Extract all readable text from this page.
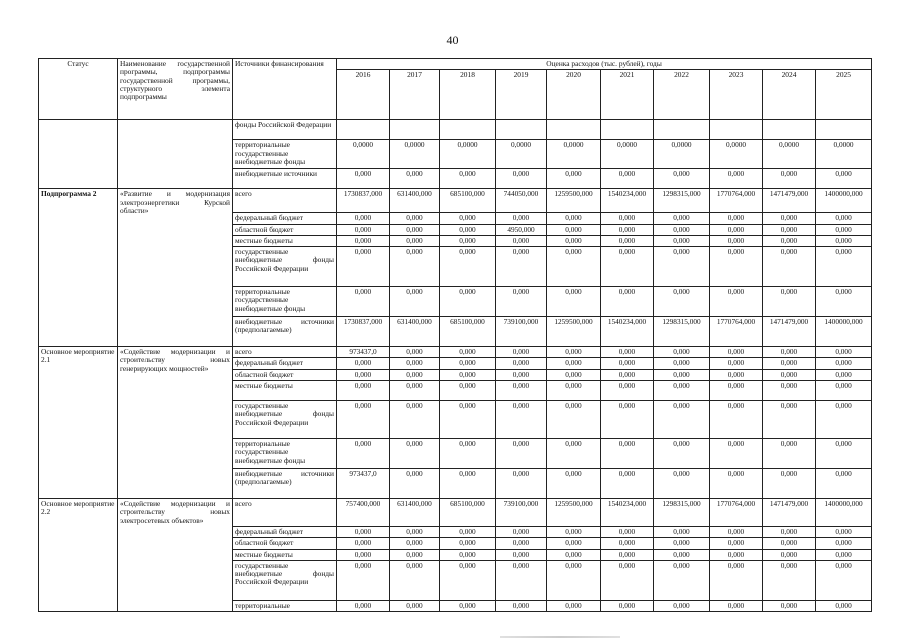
40
Статус	Наименование государственной программы, подпрограммы государственной программы, структурного элемента подпрограммы	Источники финансирования	Оценка расходов (тыс. рублей), годы									
			2016	2017	2018	2019	2020	2021	2022	2023	2024	2025
		фонды Российской Федерации										
		территориальные государственные внебюджетные фонды	0,0000	0,0000	0,0000	0,0000	0,0000	0,0000	0,0000	0,0000	0,0000	0,0000
		внебюджетные источники	0,000	0,000	0,000	0,000	0,000	0,000	0,000	0,000	0,000	0,000
Подпрограмма 2	«Развитие и модернизация электроэнергетики Курской области»	всего	1730837,000	631400,000	685100,000	744050,000	1259500,000	1540234,000	1298315,000	1770764,000	1471479,000	1400000,000
		федеральный бюджет	0,000	0,000	0,000	0,000	0,000	0,000	0,000	0,000	0,000	0,000
		областной бюджет	0,000	0,000	0,000	4950,000	0,000	0,000	0,000	0,000	0,000	0,000
		местные бюджеты	0,000	0,000	0,000	0,000	0,000	0,000	0,000	0,000	0,000	0,000
		государственные внебюджетные фонды Российской Федерации	0,000	0,000	0,000	0,000	0,000	0,000	0,000	0,000	0,000	0,000
		территориальные государственные внебюджетные фонды	0,000	0,000	0,000	0,000	0,000	0,000	0,000	0,000	0,000	0,000
		внебюджетные источники (предполагаемые)	1730837,000	631400,000	685100,000	739100,000	1259500,000	1540234,000	1298315,000	1770764,000	1471479,000	1400000,000
Основное мероприятие 2.1	«Содействие модернизации и строительству новых генерирующих мощностей»	всего	973437,0	0,000	0,000	0,000	0,000	0,000	0,000	0,000	0,000	0,000
		федеральный бюджет	0,000	0,000	0,000	0,000	0,000	0,000	0,000	0,000	0,000	0,000
		областной бюджет	0,000	0,000	0,000	0,000	0,000	0,000	0,000	0,000	0,000	0,000
		местные бюджеты	0,000	0,000	0,000	0,000	0,000	0,000	0,000	0,000	0,000	0,000
		государственные внебюджетные фонды Российской Федерации	0,000	0,000	0,000	0,000	0,000	0,000	0,000	0,000	0,000	0,000
		территориальные государственные внебюджетные фонды	0,000	0,000	0,000	0,000	0,000	0,000	0,000	0,000	0,000	0,000
		внебюджетные источники (предполагаемые)	973437,0	0,000	0,000	0,000	0,000	0,000	0,000	0,000	0,000	0,000
Основное мероприятие 2.2	«Содействие модернизации и строительству новых электросетевых объектов»	всего	757400,000	631400,000	685100,000	739100,000	1259500,000	1540234,000	1298315,000	1770764,000	1471479,000	1400000,000
		федеральный бюджет	0,000	0,000	0,000	0,000	0,000	0,000	0,000	0,000	0,000	0,000
		областной бюджет	0,000	0,000	0,000	0,000	0,000	0,000	0,000	0,000	0,000	0,000
		местные бюджеты	0,000	0,000	0,000	0,000	0,000	0,000	0,000	0,000	0,000	0,000
		государственные внебюджетные фонды Российской Федерации	0,000	0,000	0,000	0,000	0,000	0,000	0,000	0,000	0,000	0,000
		территориальные	0,000	0,000	0,000	0,000	0,000	0,000	0,000	0,000	0,000	0,000
